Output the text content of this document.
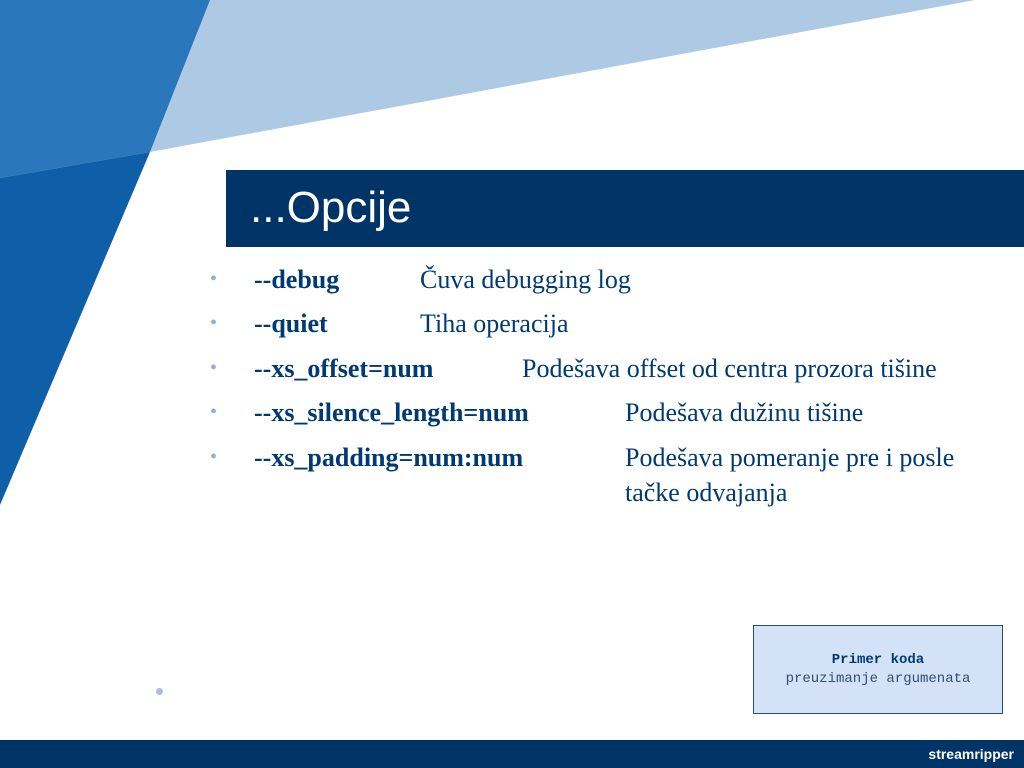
...Opcije
• --debug	Čuva debugging log
• --quiet	Tiha operacija
• --xs_offset=num	Podešava offset od centra prozora tišine
• --xs_silence_length=num	Podešava dužinu tišine
• --xs_padding=num:num	Podešava pomeranje pre i posle tačke odvajanja
Primer koda
preuzimanje argumenata
streamripper
